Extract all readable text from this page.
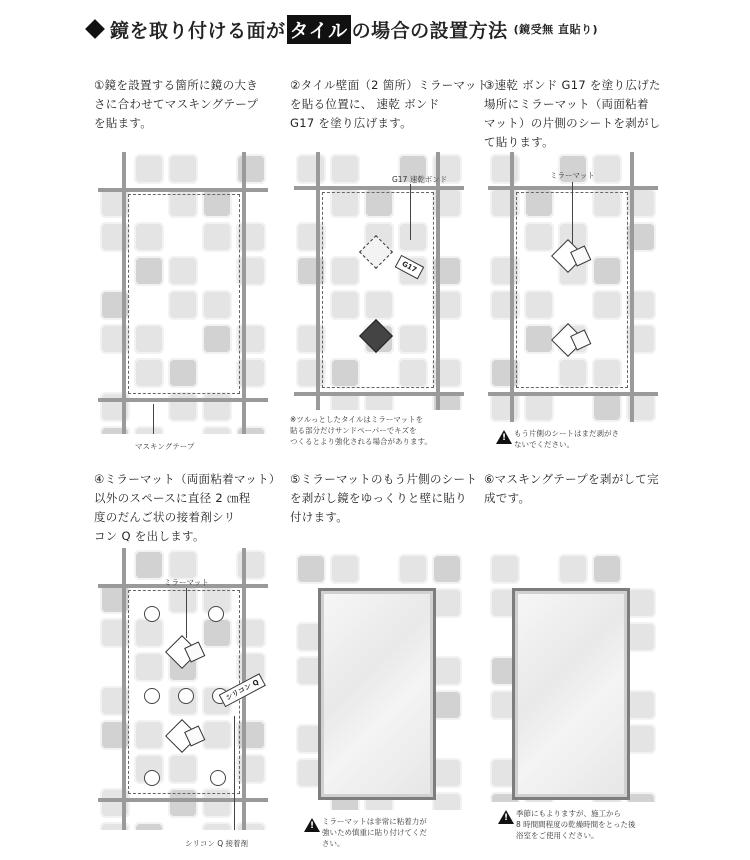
鏡を取り付ける面が タイル の場合の設置方法 (鏡受無 直貼り)
①鏡を設置する箇所に鏡の大き
さに合わせてマスキングテープ
を貼ます。
②タイル壁面（2 箇所）ミラーマット
を貼る位置に、 速乾 ボンド
G17 を塗り広げます。
③速乾 ボンド G17 を塗り広げた
場所にミラーマット（両面粘着
マット）の片側のシートを剥がし
て貼ります。
④ミラーマット（両面粘着マット）
以外のスペースに直径 2 ㎝程
度のだんご状の接着剤シリ
コン Q を出します。
⑤ミラーマットのもう片側のシート
を剥がし鏡をゆっくりと壁に貼り
付けます。
⑥マスキングテープを剥がして完
成です。
マスキングテープ
G17 速乾ボンド
G17
※ツルっとしたタイルはミラーマットを
貼る部分だけサンドペーパーでキズを
つくるとより強化される場合があります。
ミラーマット
!
もう片側のシートはまだ剥がさ
ないでください。
ミラーマット
シリコン Q
シリコン Q 接着剤
!
ミラーマットは非常に粘着力が
強いため慎重に貼り付けてくだ
さい。
!
季節にもよりますが、施工から
8 時間間程度の乾燥時間をとった後
浴室をご使用ください。
